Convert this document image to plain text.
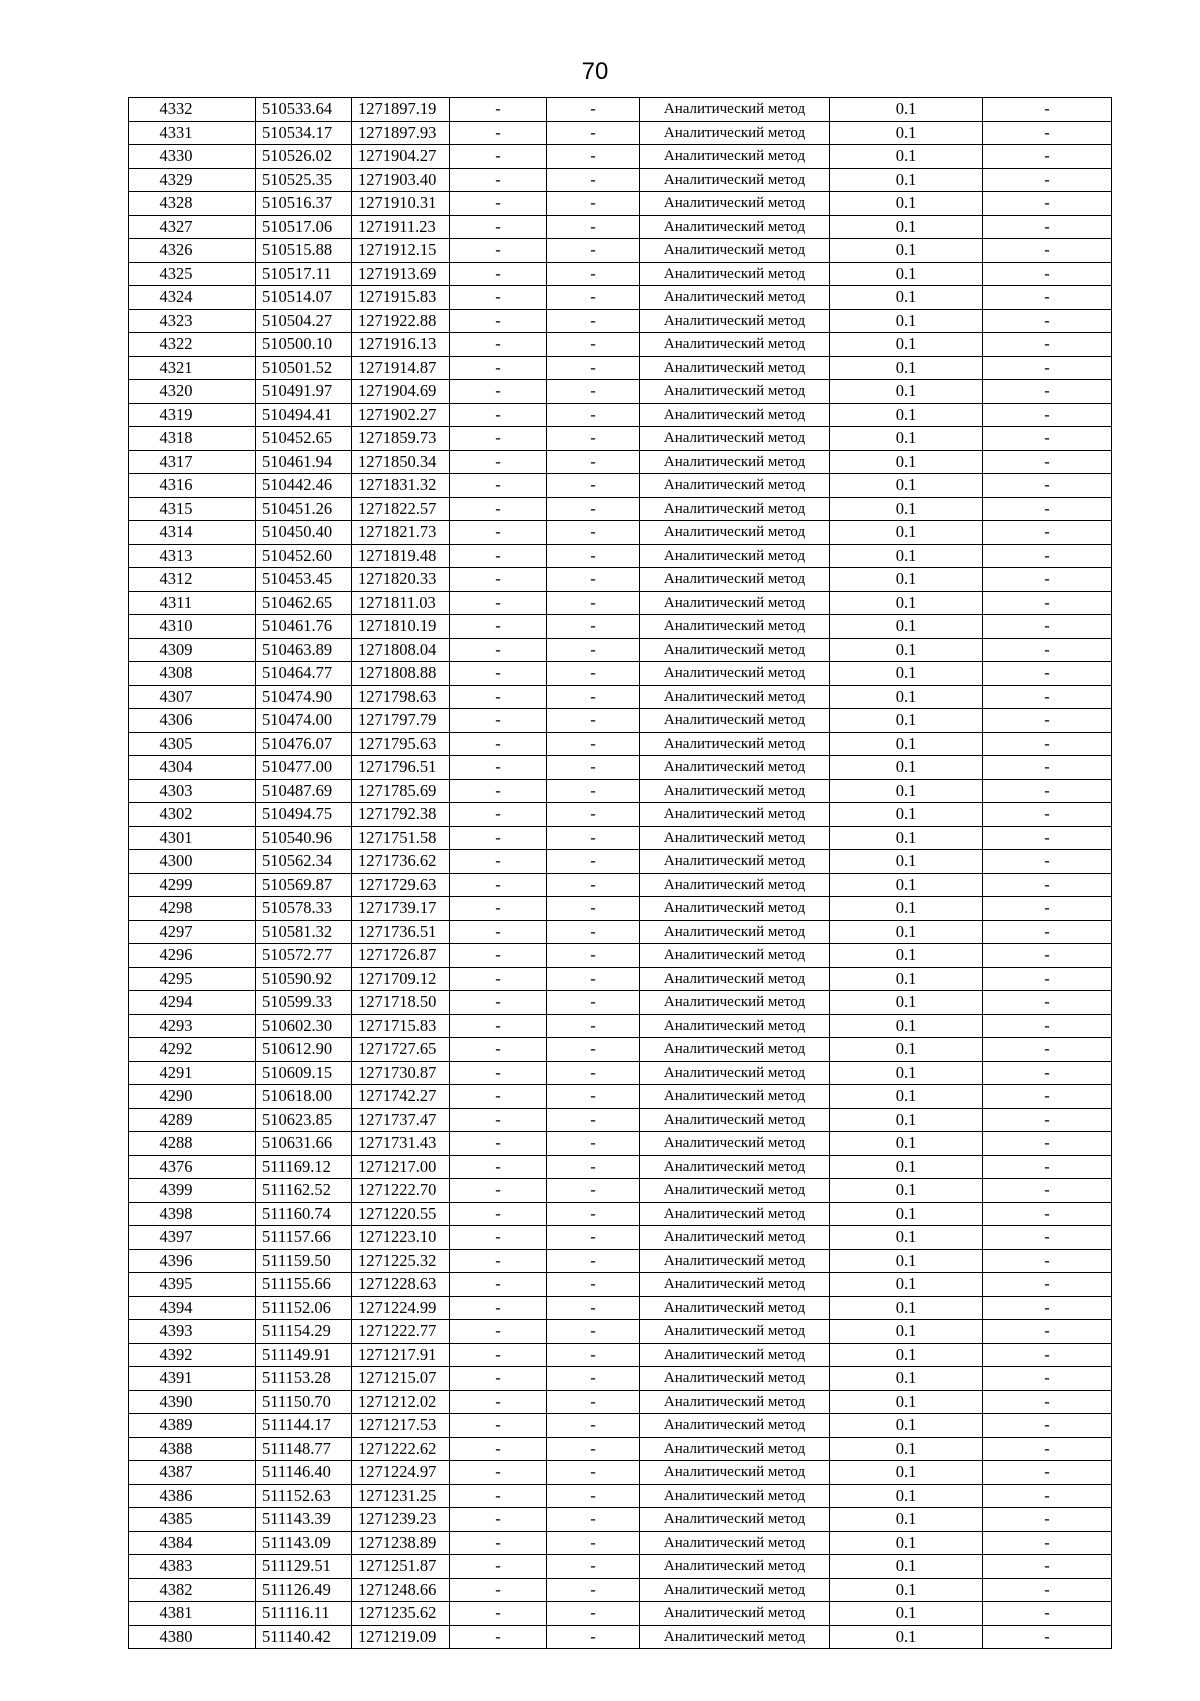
70
4332	510533.64	1271897.19	-	-	Аналитический метод	0.1	-
4331	510534.17	1271897.93	-	-	Аналитический метод	0.1	-
4330	510526.02	1271904.27	-	-	Аналитический метод	0.1	-
4329	510525.35	1271903.40	-	-	Аналитический метод	0.1	-
4328	510516.37	1271910.31	-	-	Аналитический метод	0.1	-
4327	510517.06	1271911.23	-	-	Аналитический метод	0.1	-
4326	510515.88	1271912.15	-	-	Аналитический метод	0.1	-
4325	510517.11	1271913.69	-	-	Аналитический метод	0.1	-
4324	510514.07	1271915.83	-	-	Аналитический метод	0.1	-
4323	510504.27	1271922.88	-	-	Аналитический метод	0.1	-
4322	510500.10	1271916.13	-	-	Аналитический метод	0.1	-
4321	510501.52	1271914.87	-	-	Аналитический метод	0.1	-
4320	510491.97	1271904.69	-	-	Аналитический метод	0.1	-
4319	510494.41	1271902.27	-	-	Аналитический метод	0.1	-
4318	510452.65	1271859.73	-	-	Аналитический метод	0.1	-
4317	510461.94	1271850.34	-	-	Аналитический метод	0.1	-
4316	510442.46	1271831.32	-	-	Аналитический метод	0.1	-
4315	510451.26	1271822.57	-	-	Аналитический метод	0.1	-
4314	510450.40	1271821.73	-	-	Аналитический метод	0.1	-
4313	510452.60	1271819.48	-	-	Аналитический метод	0.1	-
4312	510453.45	1271820.33	-	-	Аналитический метод	0.1	-
4311	510462.65	1271811.03	-	-	Аналитический метод	0.1	-
4310	510461.76	1271810.19	-	-	Аналитический метод	0.1	-
4309	510463.89	1271808.04	-	-	Аналитический метод	0.1	-
4308	510464.77	1271808.88	-	-	Аналитический метод	0.1	-
4307	510474.90	1271798.63	-	-	Аналитический метод	0.1	-
4306	510474.00	1271797.79	-	-	Аналитический метод	0.1	-
4305	510476.07	1271795.63	-	-	Аналитический метод	0.1	-
4304	510477.00	1271796.51	-	-	Аналитический метод	0.1	-
4303	510487.69	1271785.69	-	-	Аналитический метод	0.1	-
4302	510494.75	1271792.38	-	-	Аналитический метод	0.1	-
4301	510540.96	1271751.58	-	-	Аналитический метод	0.1	-
4300	510562.34	1271736.62	-	-	Аналитический метод	0.1	-
4299	510569.87	1271729.63	-	-	Аналитический метод	0.1	-
4298	510578.33	1271739.17	-	-	Аналитический метод	0.1	-
4297	510581.32	1271736.51	-	-	Аналитический метод	0.1	-
4296	510572.77	1271726.87	-	-	Аналитический метод	0.1	-
4295	510590.92	1271709.12	-	-	Аналитический метод	0.1	-
4294	510599.33	1271718.50	-	-	Аналитический метод	0.1	-
4293	510602.30	1271715.83	-	-	Аналитический метод	0.1	-
4292	510612.90	1271727.65	-	-	Аналитический метод	0.1	-
4291	510609.15	1271730.87	-	-	Аналитический метод	0.1	-
4290	510618.00	1271742.27	-	-	Аналитический метод	0.1	-
4289	510623.85	1271737.47	-	-	Аналитический метод	0.1	-
4288	510631.66	1271731.43	-	-	Аналитический метод	0.1	-
4376	511169.12	1271217.00	-	-	Аналитический метод	0.1	-
4399	511162.52	1271222.70	-	-	Аналитический метод	0.1	-
4398	511160.74	1271220.55	-	-	Аналитический метод	0.1	-
4397	511157.66	1271223.10	-	-	Аналитический метод	0.1	-
4396	511159.50	1271225.32	-	-	Аналитический метод	0.1	-
4395	511155.66	1271228.63	-	-	Аналитический метод	0.1	-
4394	511152.06	1271224.99	-	-	Аналитический метод	0.1	-
4393	511154.29	1271222.77	-	-	Аналитический метод	0.1	-
4392	511149.91	1271217.91	-	-	Аналитический метод	0.1	-
4391	511153.28	1271215.07	-	-	Аналитический метод	0.1	-
4390	511150.70	1271212.02	-	-	Аналитический метод	0.1	-
4389	511144.17	1271217.53	-	-	Аналитический метод	0.1	-
4388	511148.77	1271222.62	-	-	Аналитический метод	0.1	-
4387	511146.40	1271224.97	-	-	Аналитический метод	0.1	-
4386	511152.63	1271231.25	-	-	Аналитический метод	0.1	-
4385	511143.39	1271239.23	-	-	Аналитический метод	0.1	-
4384	511143.09	1271238.89	-	-	Аналитический метод	0.1	-
4383	511129.51	1271251.87	-	-	Аналитический метод	0.1	-
4382	511126.49	1271248.66	-	-	Аналитический метод	0.1	-
4381	511116.11	1271235.62	-	-	Аналитический метод	0.1	-
4380	511140.42	1271219.09	-	-	Аналитический метод	0.1	-
